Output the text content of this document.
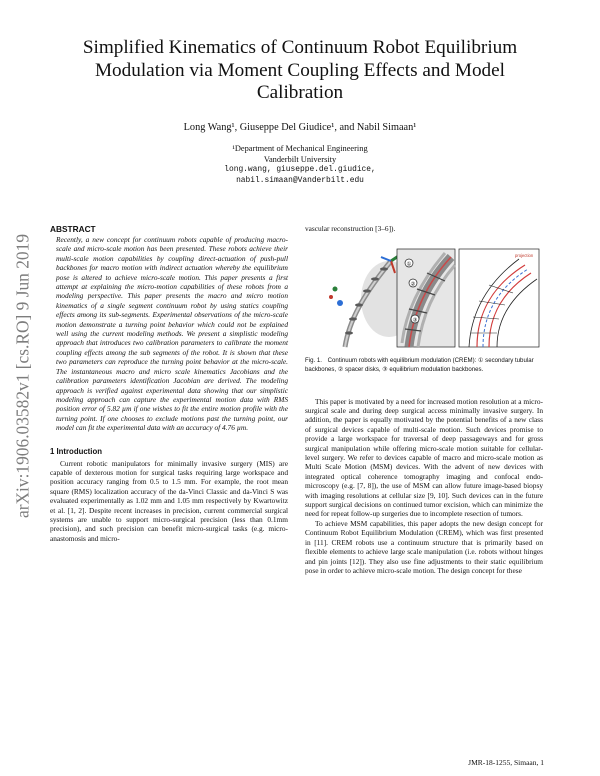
Simplified Kinematics of Continuum Robot Equilibrium Modulation via Moment Coupling Effects and Model Calibration
Long Wang¹, Giuseppe Del Giudice¹, and Nabil Simaan¹
¹Department of Mechanical Engineering
Vanderbilt University
long.wang, giuseppe.del.giudice,
nabil.simaan@Vanderbilt.edu
arXiv:1906.03582v1 [cs.RO] 9 Jun 2019
ABSTRACT

Recently, a new concept for continuum robots capable of producing macro-scale and micro-scale motion has been presented. These robots achieve their multi-scale motion capabilities by coupling direct-actuation of push-pull backbones for macro motion with indirect actuation whereby the equilibrium pose is altered to achieve micro-scale motion. This paper presents a first attempt at explaining the micro-motion capabilities of these robots from a modeling perspective. This paper presents the macro and micro motion kinematics of a single segment continuum robot by using statics coupling effects among its sub-segments. Experimental observations of the micro-scale motion demonstrate a turning point behavior which could not be explained well using the current modeling methods. We present a simplistic modeling approach that introduces two calibration parameters to calibrate the moment coupling effects among the sub segments of the robot. It is shown that these two parameters can reproduce the turning point behavior at the micro-scale. The instantaneous macro and micro scale kinematics Jacobians and the calibration parameters identification Jacobian are derived. The modeling approach is verified against experimental data showing that our simplistic modeling approach can capture the experimental motion data with RMS position error of 5.82 µm if one wishes to fit the entire motion profile with the turning point. If one chooses to exclude motions past the turning point, our model can fit the experimental data with an accuracy of 4.76 µm.

1 Introduction

Current robotic manipulators for minimally invasive surgery (MIS) are capable of dexterous motion for surgical tasks requiring large workspace and position accuracy ranging from 0.5 to 1.5 mm. For example, the root mean square (RMS) localization accuracy of the da-Vinci Classic and da-Vinci S was evaluated experimentally as 1.02 mm and 1.05 mm respectively by Kwartowitz et al. [1, 2]. Despite recent increases in precision, current commercial surgical systems are unable to support micro-surgical precision (less than 0.1mm precision), and such precision can benefit micro-surgical tasks (e.g. micro-anastomosis and micro-

vascular reconstruction [3–6]).

①
②
③
projection

Fig. 1. Continuum robots with equilibrium modulation (CREM): ① secondary tubular backbones, ② spacer disks, ③ equilibrium modulation backbones.

This paper is motivated by a need for increased motion resolution at a micro-surgical scale and during deep surgical access minimally invasive surgery. In addition, the paper is equally motivated by the potential benefits of a new class of surgical devices capable of multi-scale motion. Such devices promise to provide a large workspace for traversal of deep passageways and for gross surgical manipulation while offering micro-scale motion suitable for cellular-level surgery. We refer to devices capable of macro and micro-scale motion as Multi Scale Motion (MSM) devices. With the advent of new devices with integrated optical coherence tomography imaging and confocal endo-microscopy (e.g. [7, 8]), the use of MSM can allow future image-based biopsy with imaging resolutions at cellular size [9, 10]. Such devices can in the future support surgical decisions on continued tumor excision, which can minimize the need for repeat follow-up surgeries due to incomplete resection of tumors.

To achieve MSM capabilities, this paper adopts the new design concept for Continuum Robot Equilibrium Modulation (CREM), which was first presented in [11]. CREM robots use a continuum structure that is primarily based on flexible elements to achieve large scale manipulation (i.e. robots without hinges and pin joints [12]). They also use fine adjustments to their static equilibrium pose in order to achieve micro-scale motion. The design concept for these

JMR-18-1255, Simaan, 1
